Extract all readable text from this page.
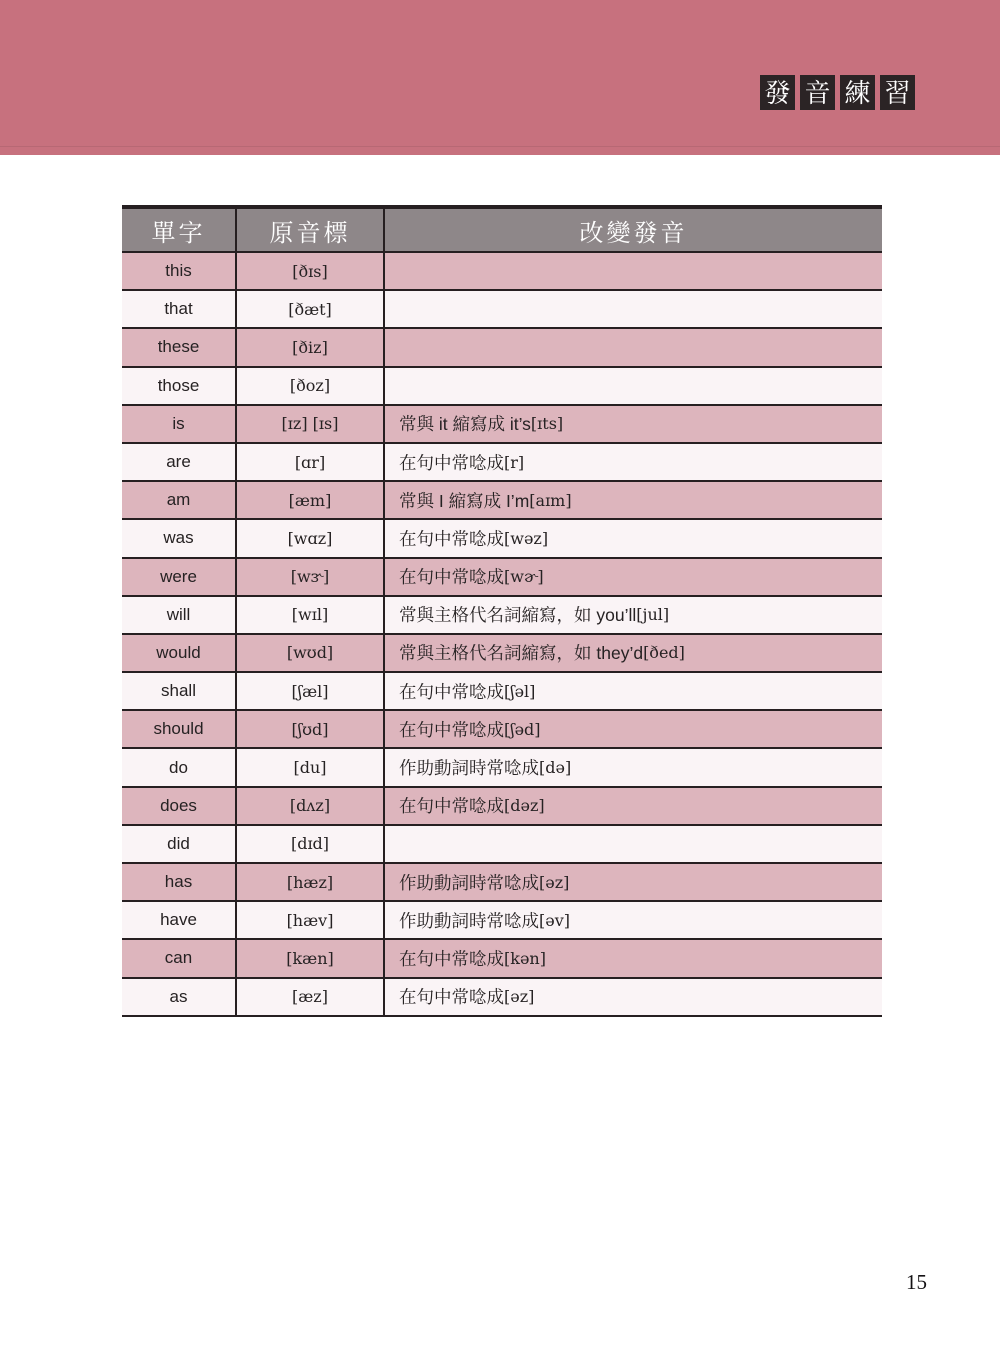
發 音 練 習
單字	原音標	改變發音
this	[ðɪs]
that	[ðæt]
these	[ðiz]
those	[ðoz]
is	[ɪz] [ɪs]	常與 it 縮寫成 it’s [ɪts]
are	[ɑr]	在句中常唸成 [r]
am	[æm]	常與 I 縮寫成 I’m [aɪm]
was	[wɑz]	在句中常唸成 [wəz]
were	[wɝ]	在句中常唸成 [wɚ]
will	[wɪl]	常與主格代名詞縮寫，如 you’ll [jul]
would	[wʊd]	常與主格代名詞縮寫，如 they’d [ðed]
shall	[ʃæl]	在句中常唸成 [ʃəl]
should	[ʃʊd]	在句中常唸成 [ʃəd]
do	[du]	作助動詞時常唸成 [də]
does	[dʌz]	在句中常唸成 [dəz]
did	[dɪd]
has	[hæz]	作助動詞時常唸成 [əz]
have	[hæv]	作助動詞時常唸成 [əv]
can	[kæn]	在句中常唸成 [kən]
as	[æz]	在句中常唸成 [əz]
15
